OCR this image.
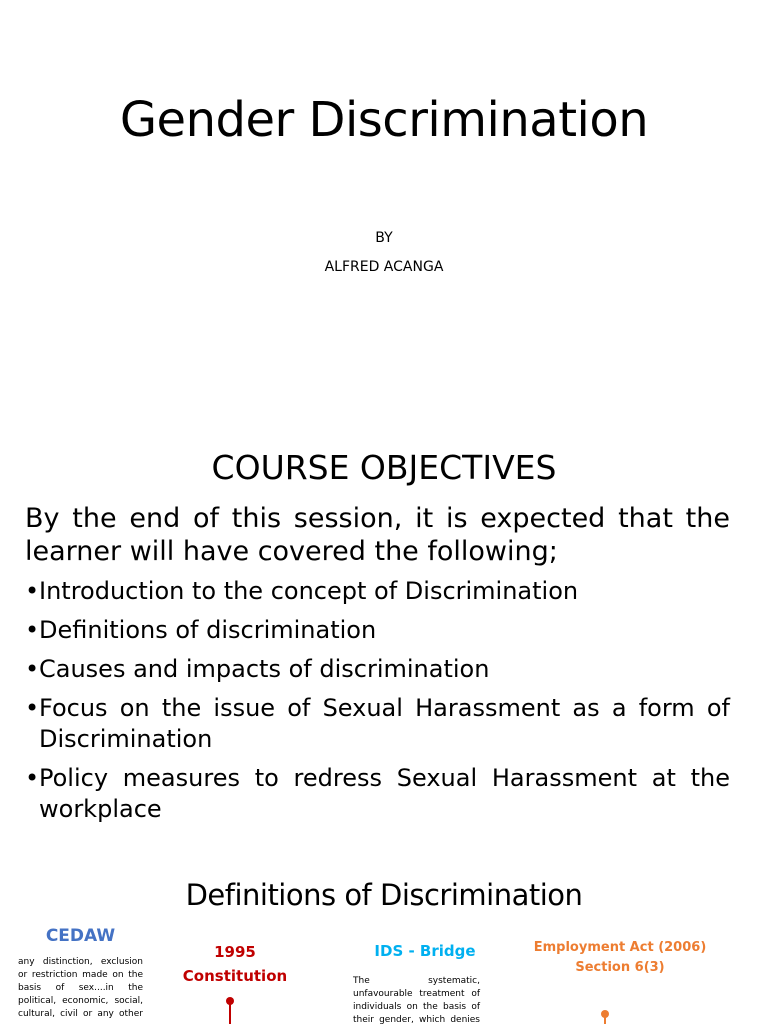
Gender Discrimination
BY
ALFRED ACANGA
COURSE OBJECTIVES
By the end of this session, it is expected that the learner will have covered the following;
• Introduction to the concept of Discrimination
• Definitions of discrimination
• Causes and impacts of discrimination
• Focus on the issue of Sexual Harassment as a form of Discrimination
• Policy measures to redress Sexual Harassment at the workplace
Definitions of Discrimination
CEDAW
any distinction, exclusion or restriction made on the basis of sex....in the political, economic, social, cultural, civil or any other
1995
Constitution
IDS - Bridge
The systematic, unfavourable treatment of individuals on the basis of their gender, which denies
Employment Act (2006)
Section 6(3)
